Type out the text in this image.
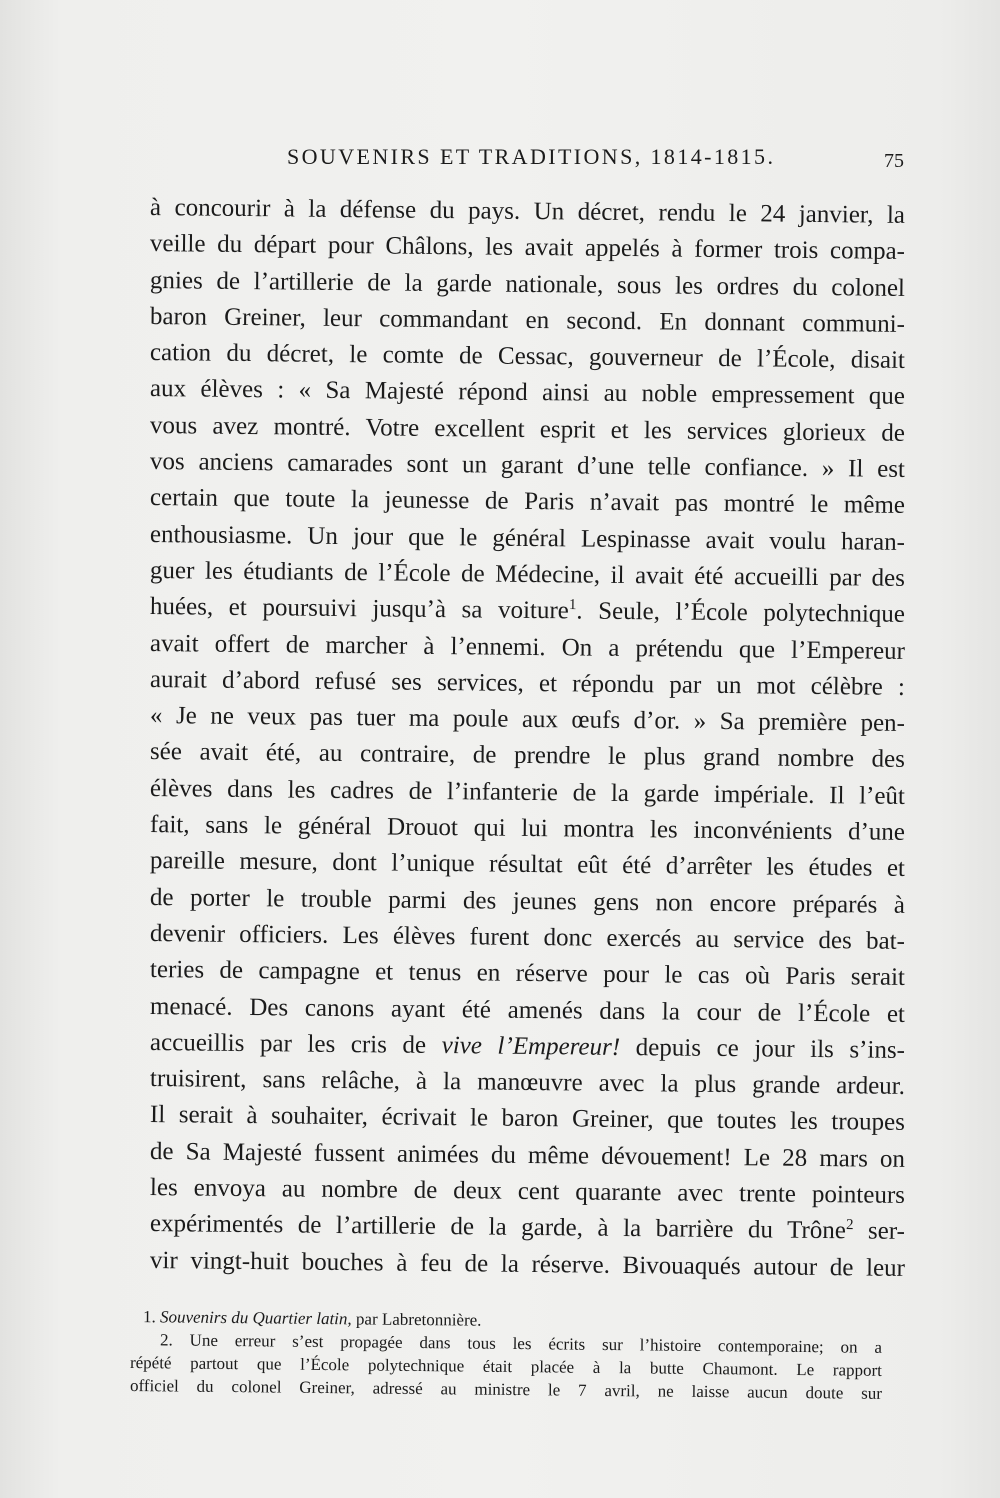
SOUVENIRS ET TRADITIONS, 1814-1815.	75
à concourir à la défense du pays. Un décret, rendu le 24 janvier, la
veille du départ pour Châlons, les avait appelés à former trois compa-
gnies de l’artillerie de la garde nationale, sous les ordres du colonel
baron Greiner, leur commandant en second. En donnant communi-
cation du décret, le comte de Cessac, gouverneur de l’École, disait
aux élèves : « Sa Majesté répond ainsi au noble empressement que
vous avez montré. Votre excellent esprit et les services glorieux de
vos anciens camarades sont un garant d’une telle confiance. » Il est
certain que toute la jeunesse de Paris n’avait pas montré le même
enthousiasme. Un jour que le général Lespinasse avait voulu haran-
guer les étudiants de l’École de Médecine, il avait été accueilli par des
huées, et poursuivi jusqu’à sa voiture$^1$. Seule, l’École polytechnique
avait offert de marcher à l’ennemi. On a prétendu que l’Empereur
aurait d’abord refusé ses services, et répondu par un mot célèbre :
« Je ne veux pas tuer ma poule aux œufs d’or. » Sa première pen-
sée avait été, au contraire, de prendre le plus grand nombre des
élèves dans les cadres de l’infanterie de la garde impériale. Il l’eût
fait, sans le général Drouot qui lui montra les inconvénients d’une
pareille mesure, dont l’unique résultat eût été d’arrêter les études et
de porter le trouble parmi des jeunes gens non encore préparés à
devenir officiers. Les élèves furent donc exercés au service des bat-
teries de campagne et tenus en réserve pour le cas où Paris serait
menacé. Des canons ayant été amenés dans la cour de l’École et
accueillis par les cris de vive l’Empereur! depuis ce jour ils s’ins-
truisirent, sans relâche, à la manœuvre avec la plus grande ardeur.
Il serait à souhaiter, écrivait le baron Greiner, que toutes les troupes
de Sa Majesté fussent animées du même dévouement! Le 28 mars on
les envoya au nombre de deux cent quarante avec trente pointeurs
expérimentés de l’artillerie de la garde, à la barrière du Trône$^2$ ser-
vir vingt-huit bouches à feu de la réserve. Bivouaqués autour de leur
1. Souvenirs du Quartier latin, par Labretonnière.
2. Une erreur s’est propagée dans tous les écrits sur l’histoire contemporaine; on a
répété partout que l’École polytechnique était placée à la butte Chaumont. Le rapport
officiel du colonel Greiner, adressé au ministre le 7 avril, ne laisse aucun doute sur
